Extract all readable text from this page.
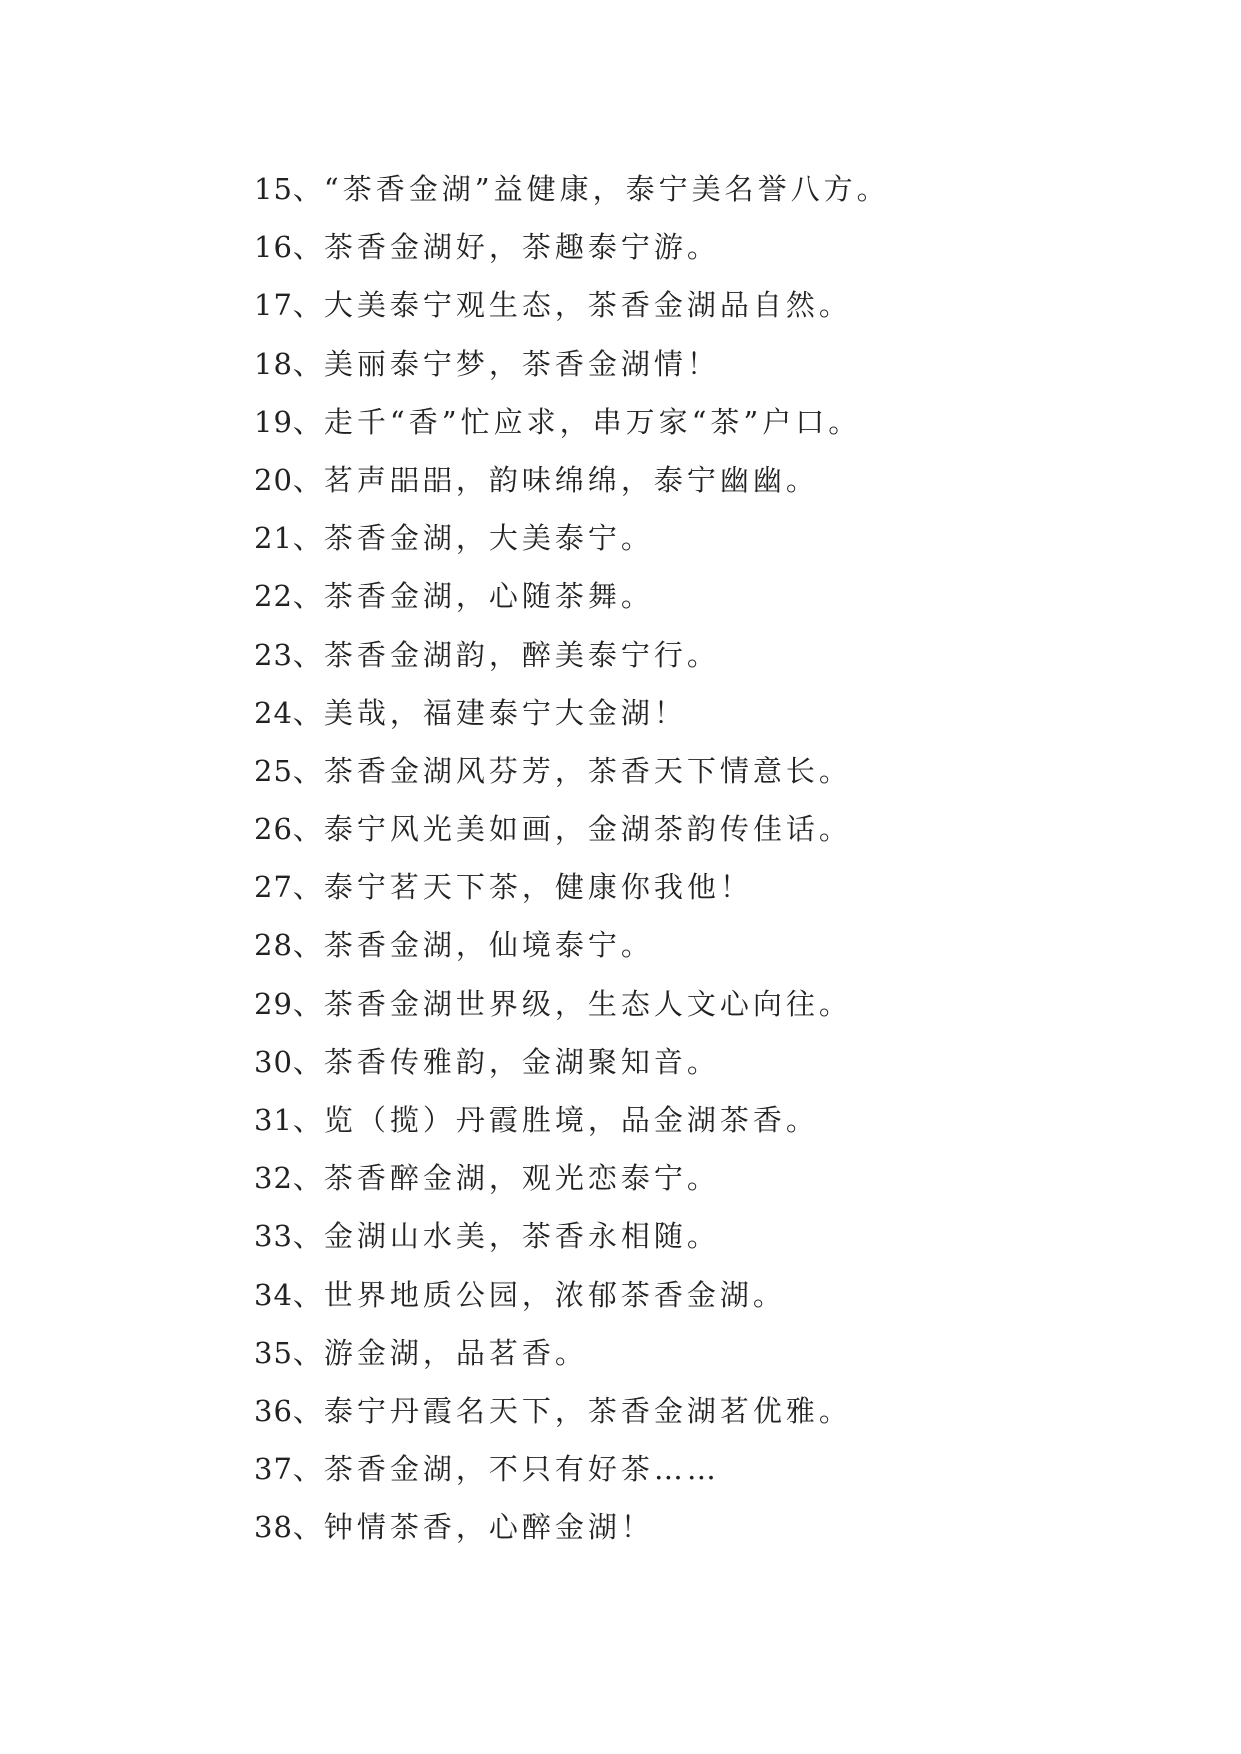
15、“茶香金湖”益健康，泰宁美名誉八方。
16、茶香金湖好，茶趣泰宁游。
17、大美泰宁观生态，茶香金湖品自然。
18、美丽泰宁梦，茶香金湖情！
19、走千“香”忙应求，串万家“茶”户口。
20、茗声㗊㗊，韵味绵绵，泰宁幽幽。
21、茶香金湖，大美泰宁。
22、茶香金湖，心随茶舞。
23、茶香金湖韵，醉美泰宁行。
24、美哉，福建泰宁大金湖！
25、茶香金湖风芬芳，茶香天下情意长。
26、泰宁风光美如画，金湖茶韵传佳话。
27、泰宁茗天下茶，健康你我他！
28、茶香金湖，仙境泰宁。
29、茶香金湖世界级，生态人文心向往。
30、茶香传雅韵，金湖聚知音。
31、览（揽）丹霞胜境，品金湖茶香。
32、茶香醉金湖，观光恋泰宁。
33、金湖山水美，茶香永相随。
34、世界地质公园，浓郁茶香金湖。
35、游金湖，品茗香。
36、泰宁丹霞名天下，茶香金湖茗优雅。
37、茶香金湖，不只有好茶……
38、钟情茶香，心醉金湖！
